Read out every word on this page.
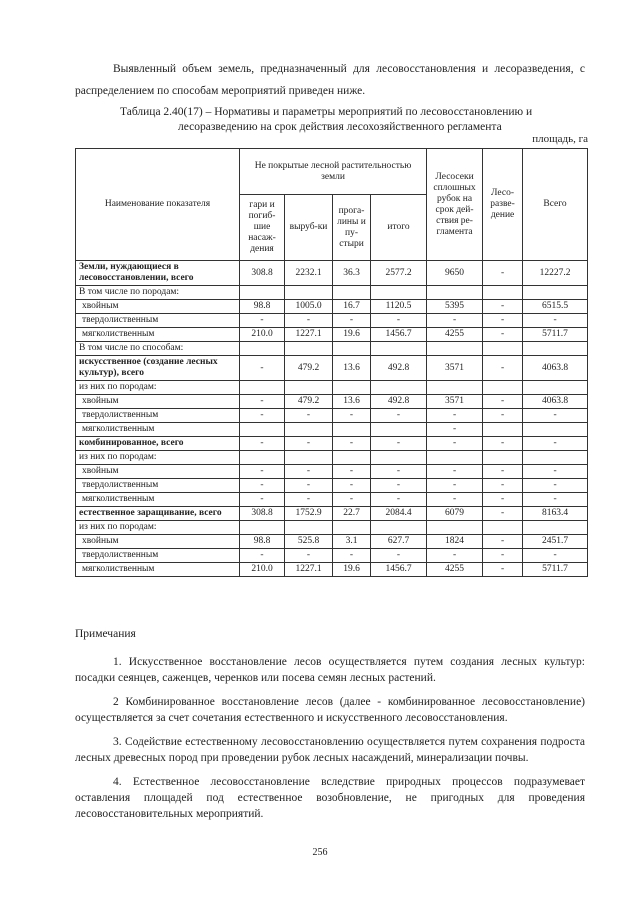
Выявленный объем земель, предназначенный для лесовосстановления и лесоразведения, с распределением по способам мероприятий приведен ниже.

Таблица 2.40(17) – Нормативы и параметры мероприятий по лесовосстановлению и
лесоразведению на срок действия лесохозяйственного регламента

площадь, га

Наименование показателя	Не покрытые лесной растительностью земли				Лесосеки сплошных рубок на срок дей-ствия ре-гламента	Лесо-разве-дение	Всего
	гари и погиб-шие насаж-дения	выруб-ки	прога-лины и пу-стыри	итого			
Земли, нуждающиеся в лесовосстановлении, всего	308.8	2232.1	36.3	2577.2	9650	-	12227.2
В том числе по породам:							
хвойным	98.8	1005.0	16.7	1120.5	5395	-	6515.5
твердолиственным	-	-	-	-	-	-	-
мягколиственным	210.0	1227.1	19.6	1456.7	4255	-	5711.7
В том числе по способам:							
искусственное (создание лесных культур), всего	-	479.2	13.6	492.8	3571	-	4063.8
из них по породам:							
хвойным	-	479.2	13.6	492.8	3571	-	4063.8
твердолиственным	-	-	-	-	-	-	-
мягколиственным					-		
комбинированное, всего	-	-	-	-	-	-	-
из них по породам:							
хвойным	-	-	-	-	-	-	-
твердолиственным	-	-	-	-	-	-	-
мягколиственным	-	-	-	-	-	-	-
естественное заращивание, всего	308.8	1752.9	22.7	2084.4	6079	-	8163.4
из них по породам:							
хвойным	98.8	525.8	3.1	627.7	1824	-	2451.7
твердолиственным	-	-	-	-	-	-	-
мягколиственным	210.0	1227.1	19.6	1456.7	4255	-	5711.7

Примечания

1. Искусственное восстановление лесов осуществляется путем создания лесных культур: посадки сеянцев, саженцев, черенков или посева семян лесных растений.

2 Комбинированное восстановление лесов (далее - комбинированное лесовосстановление) осуществляется за счет сочетания естественного и искусственного лесовосстановления.

3. Содействие естественному лесовосстановлению осуществляется путем сохранения подроста лесных древесных пород при проведении рубок лесных насаждений, минерализации почвы.

4. Естественное лесовосстановление вследствие природных процессов подразумевает оставления площадей под естественное возобновление, не пригодных для проведения лесовосстановительных мероприятий.

256
